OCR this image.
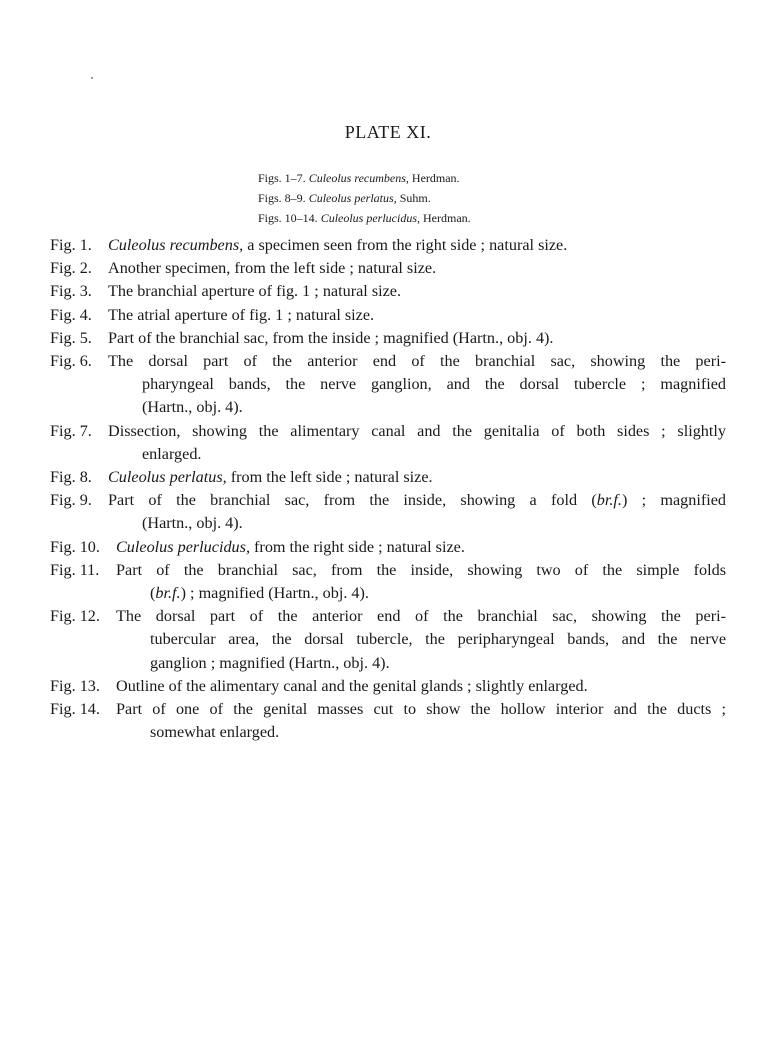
PLATE XI.
Figs. 1–7. Culeolus recumbens, Herdman.
Figs. 8–9. Culeolus perlatus, Suhm.
Figs. 10–14. Culeolus perlucidus, Herdman.
Fig. 1. Culeolus recumbens, a specimen seen from the right side ; natural size.
Fig. 2. Another specimen, from the left side ; natural size.
Fig. 3. The branchial aperture of fig. 1 ; natural size.
Fig. 4. The atrial aperture of fig. 1 ; natural size.
Fig. 5. Part of the branchial sac, from the inside ; magnified (Hartn., obj. 4).
Fig. 6. The dorsal part of the anterior end of the branchial sac, showing the peri-
pharyngeal bands, the nerve ganglion, and the dorsal tubercle ; magnified
(Hartn., obj. 4).
Fig. 7. Dissection, showing the alimentary canal and the genitalia of both sides ; slightly
enlarged.
Fig. 8. Culeolus perlatus, from the left side ; natural size.
Fig. 9. Part of the branchial sac, from the inside, showing a fold (br.f.) ; magnified
(Hartn., obj. 4).
Fig. 10. Culeolus perlucidus, from the right side ; natural size.
Fig. 11.	Part of the branchial sac, from the inside, showing two of the simple folds
(br.f.) ; magnified (Hartn., obj. 4).
Fig. 12. The dorsal part of the anterior end of the branchial sac, showing the peri-
tubercular area, the dorsal tubercle, the peripharyngeal bands, and the nerve
ganglion ; magnified (Hartn., obj. 4).
Fig. 13. Outline of the alimentary canal and the genital glands ; slightly enlarged.
Fig. 14. Part of one of the genital masses cut to show the hollow interior and the ducts ;
somewhat enlarged.
